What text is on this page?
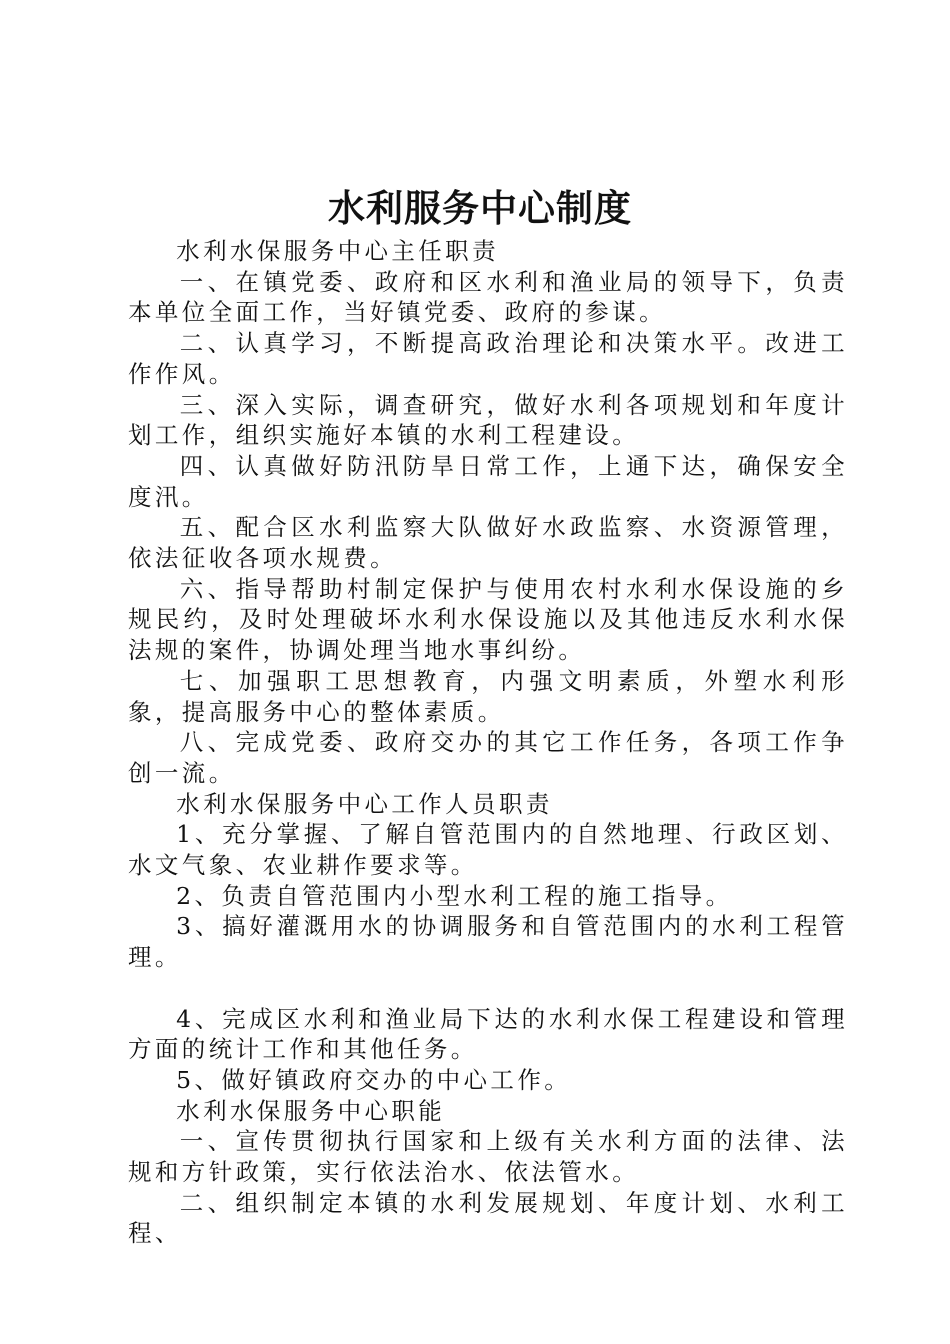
水利服务中心制度

水利水保服务中心主任职责

一、在镇党委、政府和区水利和渔业局的领导下，负责本单位全面工作，当好镇党委、政府的参谋。

二、认真学习，不断提高政治理论和决策水平。改进工作作风。

三、深入实际，调查研究，做好水利各项规划和年度计划工作，组织实施好本镇的水利工程建设。

四、认真做好防汛防旱日常工作，上通下达，确保安全度汛。

五、配合区水利监察大队做好水政监察、水资源管理，依法征收各项水规费。

六、指导帮助村制定保护与使用农村水利水保设施的乡规民约，及时处理破坏水利水保设施以及其他违反水利水保法规的案件，协调处理当地水事纠纷。

七、加强职工思想教育，内强文明素质，外塑水利形象，提高服务中心的整体素质。

八、完成党委、政府交办的其它工作任务，各项工作争创一流。

水利水保服务中心工作人员职责

1、充分掌握、了解自管范围内的自然地理、行政区划、水文气象、农业耕作要求等。

2、负责自管范围内小型水利工程的施工指导。

3、搞好灌溉用水的协调服务和自管范围内的水利工程管理。

4、完成区水利和渔业局下达的水利水保工程建设和管理方面的统计工作和其他任务。

5、做好镇政府交办的中心工作。

水利水保服务中心职能

一、宣传贯彻执行国家和上级有关水利方面的法律、法规和方针政策，实行依法治水、依法管水。

二、组织制定本镇的水利发展规划、年度计划、水利工程、
